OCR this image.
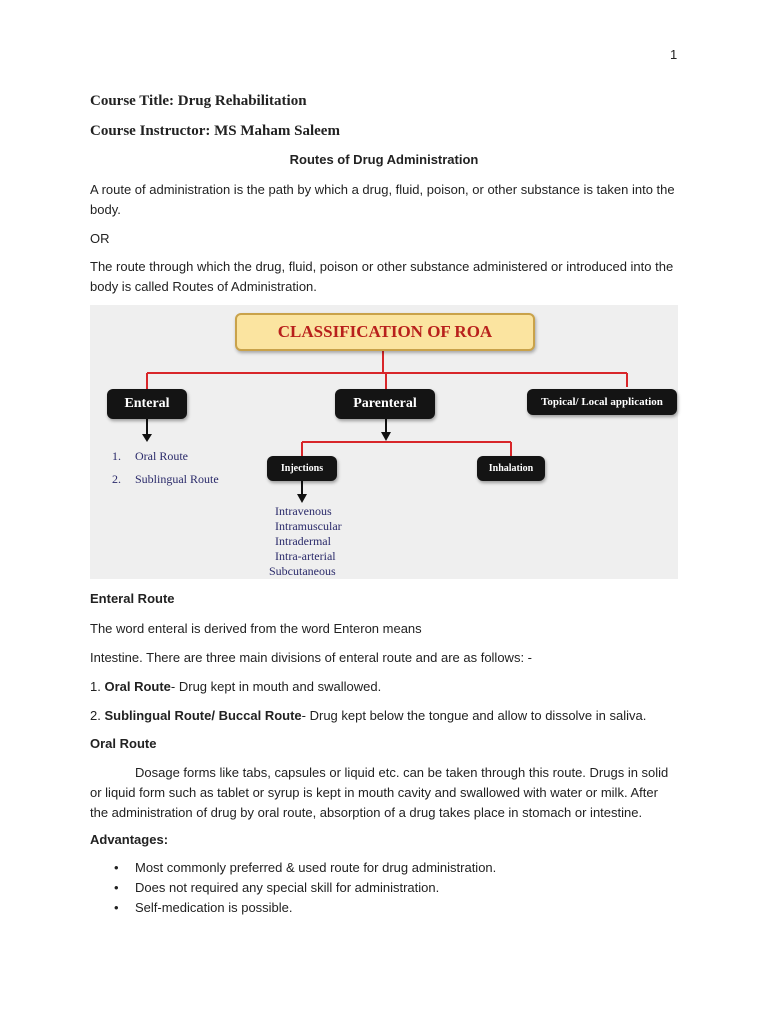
1
Course Title: Drug Rehabilitation
Course Instructor: MS Maham Saleem
Routes of Drug Administration
A route of administration is the path by which a drug, fluid, poison, or other substance is taken into the body.
OR
The route through which the drug, fluid, poison or other substance administered or introduced into the body is called Routes of Administration.
CLASSIFICATION OF ROA
Enteral	Parenteral	Topical/ Local application
Injections	Inhalation
1. Oral Route
2. Sublingual Route
Intravenous
Intramuscular
Intradermal
Intra-arterial
Subcutaneous
Enteral Route
The word enteral is derived from the word Enteron means
Intestine. There are three main divisions of enteral route and are as follows: -
1. Oral Route- Drug kept in mouth and swallowed.
2. Sublingual Route/ Buccal Route- Drug kept below the tongue and allow to dissolve in saliva.
Oral Route
Dosage forms like tabs, capsules or liquid etc. can be taken through this route. Drugs in solid or liquid form such as tablet or syrup is kept in mouth cavity and swallowed with water or milk. After the administration of drug by oral route, absorption of a drug takes place in stomach or intestine.
Advantages:
• Most commonly preferred & used route for drug administration.
• Does not required any special skill for administration.
• Self-medication is possible.
